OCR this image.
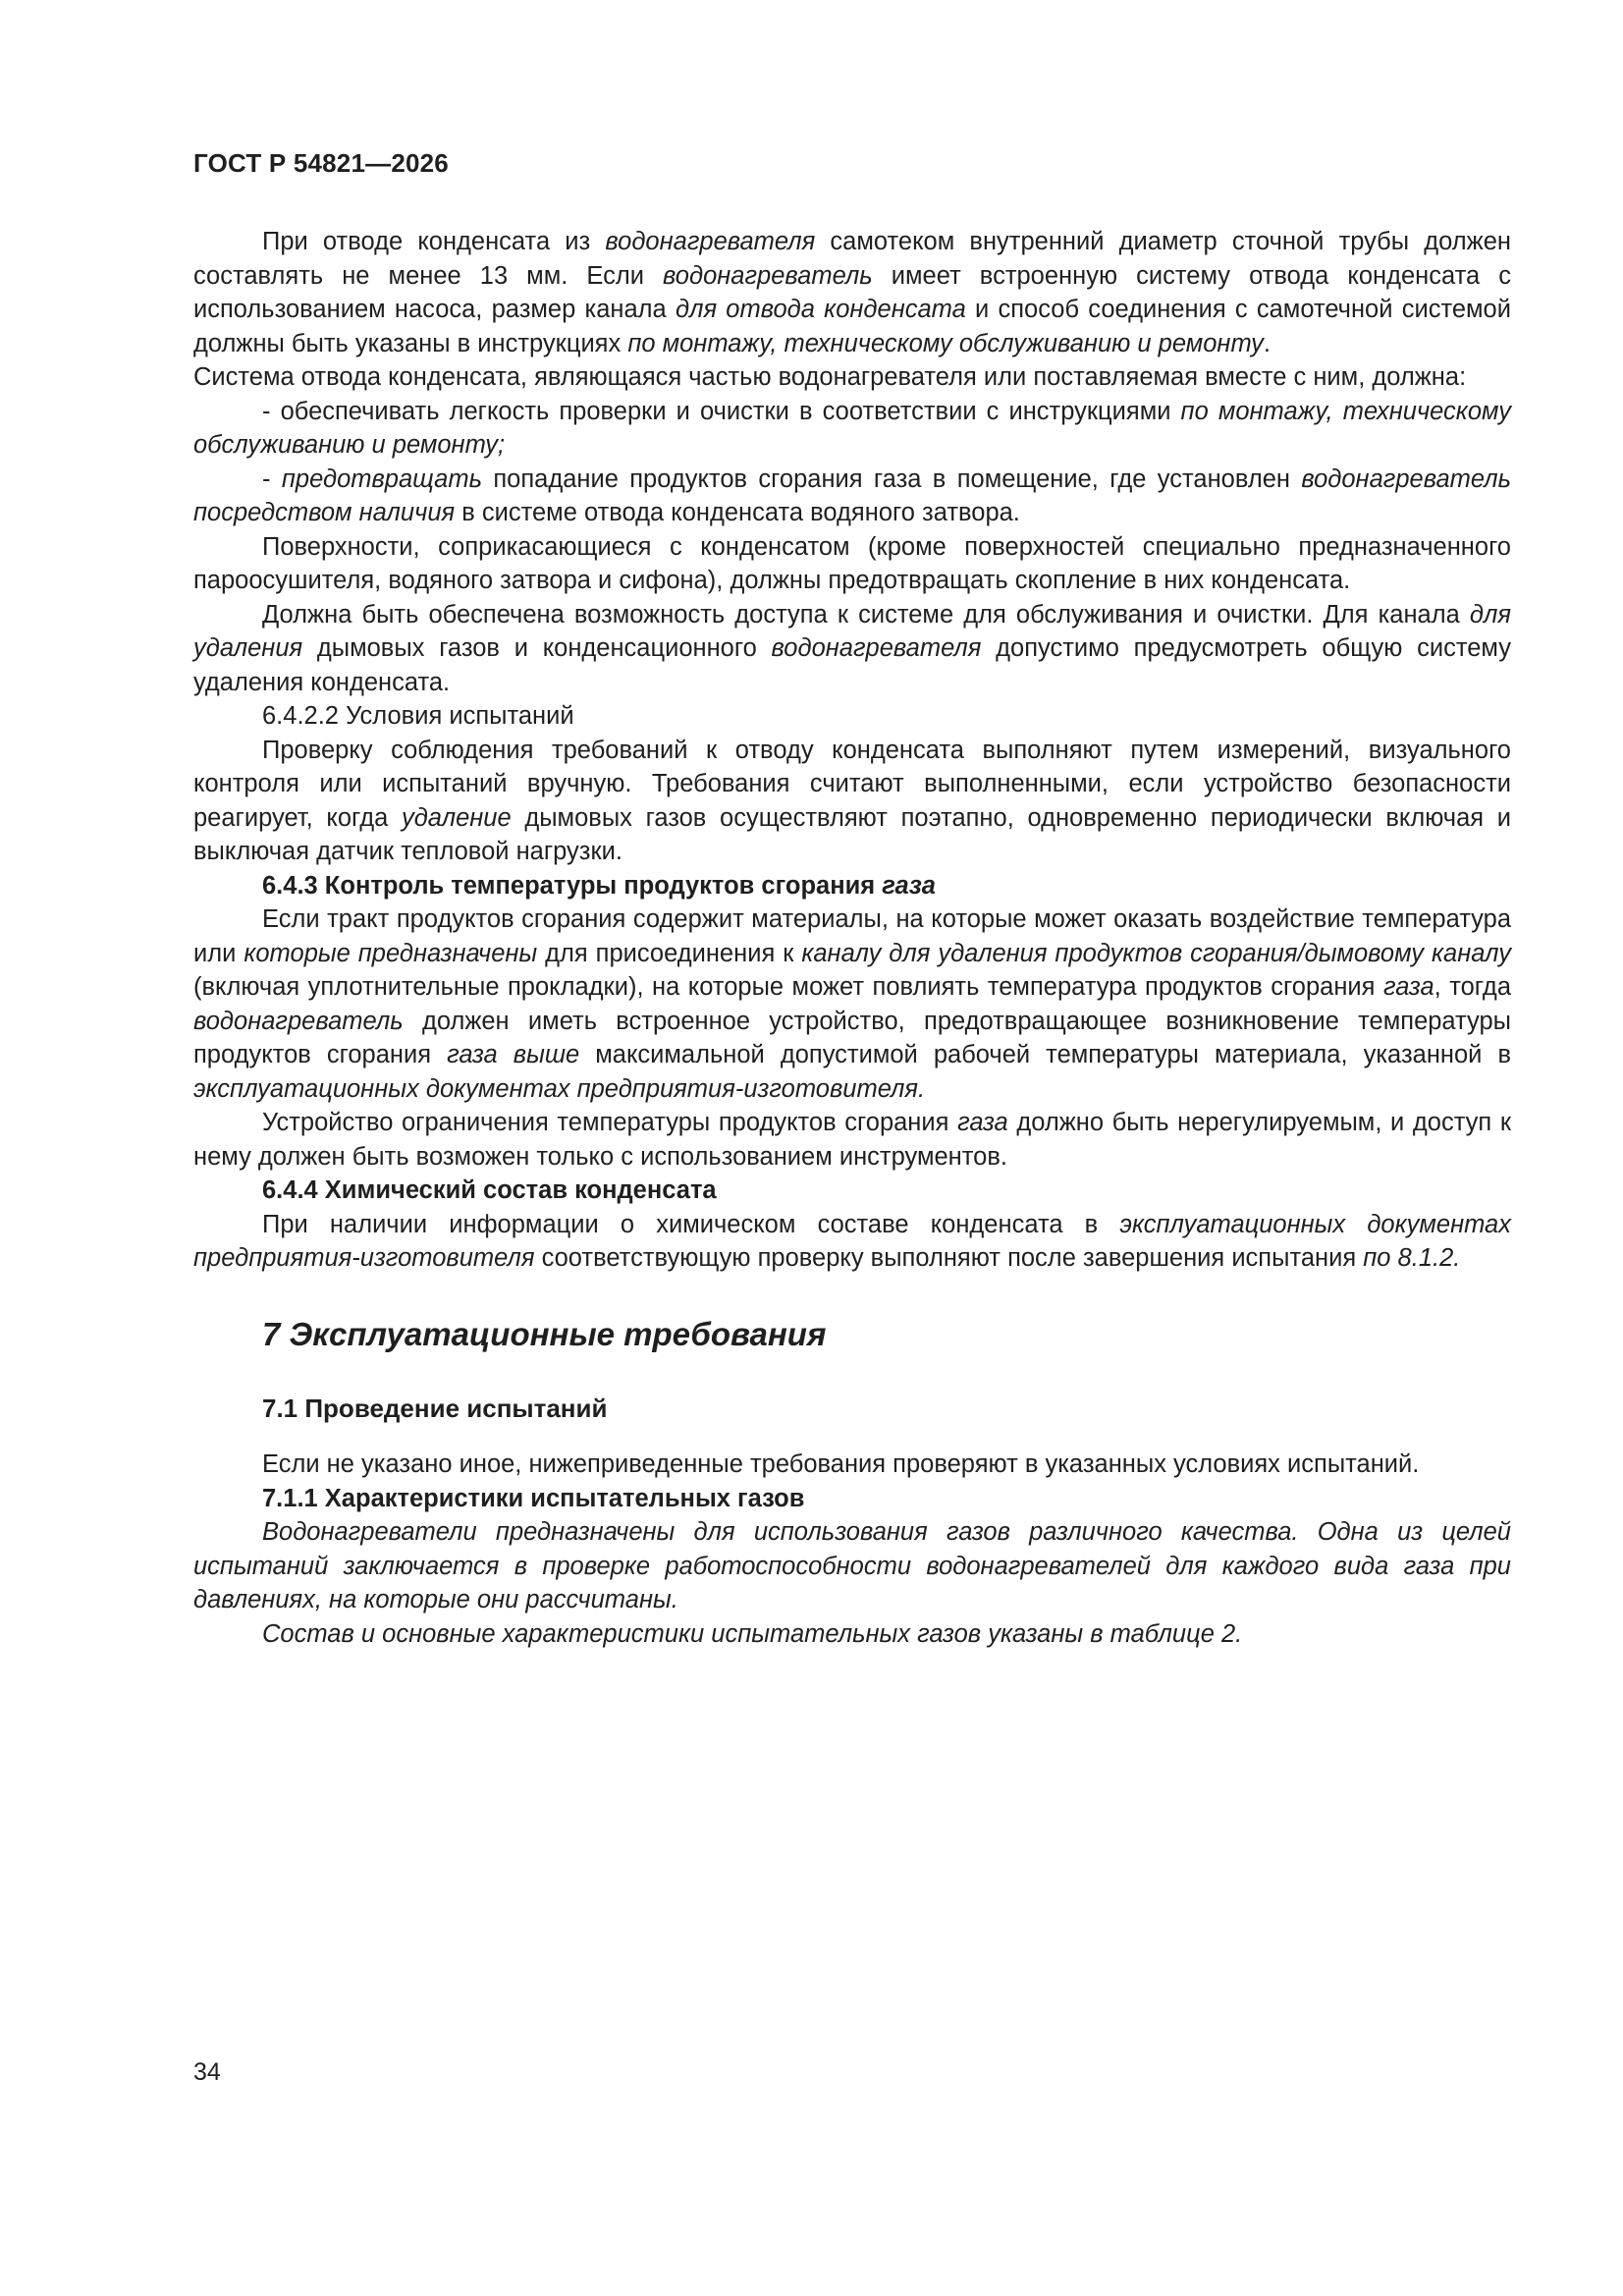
ГОСТ Р 54821—2026

При отводе конденсата из водонагревателя самотеком внутренний диаметр сточной трубы должен составлять не менее 13 мм. Если водонагреватель имеет встроенную систему отвода конденсата с использованием насоса, размер канала для отвода конденсата и способ соединения с самотечной системой должны быть указаны в инструкциях по монтажу, техническому обслуживанию и ремонту.

Система отвода конденсата, являющаяся частью водонагревателя или поставляемая вместе с ним, должна:

- обеспечивать легкость проверки и очистки в соответствии с инструкциями по монтажу, техническому обслуживанию и ремонту;

- предотвращать попадание продуктов сгорания газа в помещение, где установлен водонагреватель посредством наличия в системе отвода конденсата водяного затвора.

Поверхности, соприкасающиеся с конденсатом (кроме поверхностей специально предназначенного пароосушителя, водяного затвора и сифона), должны предотвращать скопление в них конденсата.

Должна быть обеспечена возможность доступа к системе для обслуживания и очистки. Для канала для удаления дымовых газов и конденсационного водонагревателя допустимо предусмотреть общую систему удаления конденсата.

6.4.2.2 Условия испытаний

Проверку соблюдения требований к отводу конденсата выполняют путем измерений, визуального контроля или испытаний вручную. Требования считают выполненными, если устройство безопасности реагирует, когда удаление дымовых газов осуществляют поэтапно, одновременно периодически включая и выключая датчик тепловой нагрузки.

6.4.3 Контроль температуры продуктов сгорания газа

Если тракт продуктов сгорания содержит материалы, на которые может оказать воздействие температура или которые предназначены для присоединения к каналу для удаления продуктов сгорания/дымовому каналу (включая уплотнительные прокладки), на которые может повлиять температура продуктов сгорания газа, тогда водонагреватель должен иметь встроенное устройство, предотвращающее возникновение температуры продуктов сгорания газа выше максимальной допустимой рабочей температуры материала, указанной в эксплуатационных документах предприятия-изготовителя.

Устройство ограничения температуры продуктов сгорания газа должно быть нерегулируемым, и доступ к нему должен быть возможен только с использованием инструментов.

6.4.4 Химический состав конденсата

При наличии информации о химическом составе конденсата в эксплуатационных документах предприятия-изготовителя соответствующую проверку выполняют после завершения испытания по 8.1.2.

7 Эксплуатационные требования

7.1 Проведение испытаний

Если не указано иное, нижеприведенные требования проверяют в указанных условиях испытаний.

7.1.1 Характеристики испытательных газов

Водонагреватели предназначены для использования газов различного качества. Одна из целей испытаний заключается в проверке работоспособности водонагревателей для каждого вида газа при давлениях, на которые они рассчитаны.

Состав и основные характеристики испытательных газов указаны в таблице 2.

34
